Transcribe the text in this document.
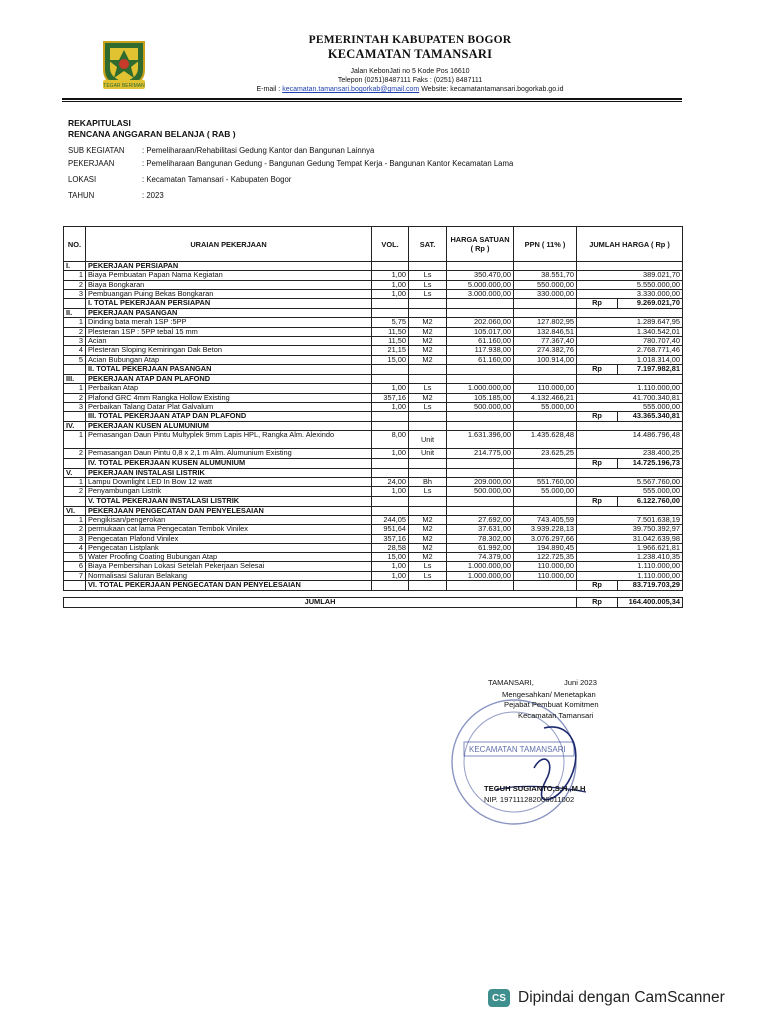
TEGAR BERIMAN
PEMERINTAH KABUPATEN BOGOR
KECAMATAN TAMANSARI
Jalan KebonJati no 5 Kode Pos 16610
Telepon (0251)8487111 Faks : (0251) 8487111
E-mail : kecamatan.tamansari.bogorkab@gmail.com Website: kecamatantamansari.bogorkab.go.id
REKAPITULASI
RENCANA ANGGARAN BELANJA ( RAB )
SUB KEGIATAN : Pemeliharaan/Rehabilitasi Gedung Kantor dan Bangunan Lainnya
PEKERJAAN	: Pemeliharaan Bangunan Gedung - Bangunan Gedung Tempat Kerja - Bangunan Kantor Kecamatan Lama
LOKASI	: Kecamatan Tamansari - Kabupaten Bogor
TAHUN	: 2023
NO.	URAIAN PEKERJAAN	VOL.	SAT.	HARGA SATUAN ( Rp )	PPN ( 11% )	JUMLAH HARGA ( Rp )	
I.	PEKERJAAN PERSIAPAN						
1	Biaya Pembuatan Papan Nama Kegiatan	1,00	Ls	350.470,00	38.551,70	389.021,70	
2	Biaya Bongkaran	1,00	Ls	5.000.000,00	550.000,00	5.550.000,00	
3	Pembuangan Puing Bekas Bongkaran	1,00	Ls	3.000.000,00	330.000,00	3.330.000,00	
	I. TOTAL PEKERJAAN PERSIAPAN					Rp	9.269.021,70
II.	PEKERJAAN PASANGAN						
1	Dinding bata merah 1SP :5PP	5,75	M2	202.060,00	127.802,95	1.289.647,95	
2	Plesteran 1SP : 5PP tebal 15 mm	11,50	M2	105.017,00	132.846,51	1.340.542,01	
3	Acian	11,50	M2	61.160,00	77.367,40	780.707,40	
4	Plesteran Sloping Kemiringan Dak Beton	21,15	M2	117.938,00	274.382,76	2.768.771,46	
5	Acian Bubungan Atap	15,00	M2	61.160,00	100.914,00	1.018.314,00	
	II. TOTAL PEKERJAAN PASANGAN					Rp	7.197.982,81
III.	PEKERJAAN ATAP DAN PLAFOND						
1	Perbaikan Atap	1,00	Ls	1.000.000,00	110.000,00	1.110.000,00	
2	Plafond GRC 4mm Rangka Hollow Existing	357,16	M2	105.185,00	4.132.466,21	41.700.340,81	
3	Perbaikan Talang Datar Plat Galvalum	1,00	Ls	500.000,00	55.000,00	555.000,00	
	III. TOTAL PEKERJAAN ATAP DAN PLAFOND					Rp	43.365.340,81
IV.	PEKERJAAN KUSEN ALUMUNIUM						
1	Pemasangan Daun Pintu Multyplek 9mm Lapis HPL, Rangka Alm. Alexindo	8,00	Unit	1.631.396,00	1.435.628,48	14.486.796,48	
2	Pemasangan Daun Pintu 0,8 x 2,1 m Alm. Alumunium Existing	1,00	Unit	214.775,00	23.625,25	238.400,25	
	IV. TOTAL PEKERJAAN KUSEN ALUMUNIUM					Rp	14.725.196,73
V.	PEKERJAAN INSTALASI LISTRIK						
1	Lampu Downlight LED In Bow 12 watt	24,00	Bh	209.000,00	551.760,00	5.567.760,00	
2	Penyambungan Listrik	1,00	Ls	500.000,00	55.000,00	555.000,00	
	V. TOTAL PEKERJAAN INSTALASI LISTRIK					Rp	6.122.760,00
VI.	PEKERJAAN PENGECATAN DAN PENYELESAIAN						
1	Pengikisan/pengerokan	244,05	M2	27.692,00	743.405,59	7.501.638,19	
2	permukaan cat lama Pengecatan Tembok Vinilex	951,64	M2	37.631,00	3.939.228,13	39.750.392,97	
3	Pengecatan Plafond Vinilex	357,16	M2	78.302,00	3.076.297,66	31.042.639,98	
4	Pengecatan Listplank	28,58	M2	61.992,00	194.890,45	1.966.621,81	
5	Water Proofing Coating Bubungan Atap	15,00	M2	74.379,00	122.725,35	1.238.410,35	
6	Biaya Pembersihan Lokasi Setelah Pekerjaan Selesai	1,00	Ls	1.000.000,00	110.000,00	1.110.000,00	
7	Normalisasi Saluran Belakang	1,00	Ls	1.000.000,00	110.000,00	1.110.000,00	
	VI. TOTAL PEKERJAAN PENGECATAN DAN PENYELESAIAN					Rp	83.719.703,29

JUMLAH						Rp	164.400.005,34
KECAMATAN TAMANSARI
TAMANSARI,	Juni 2023
Mengesahkan/ Menetapkan
Pejabat Pembuat Komitmen
Kecamatan Tamansari
TEGUH SUGIANTO,S.H.,M.H
NIP. 197111282006011002
CS Dipindai dengan CamScanner
